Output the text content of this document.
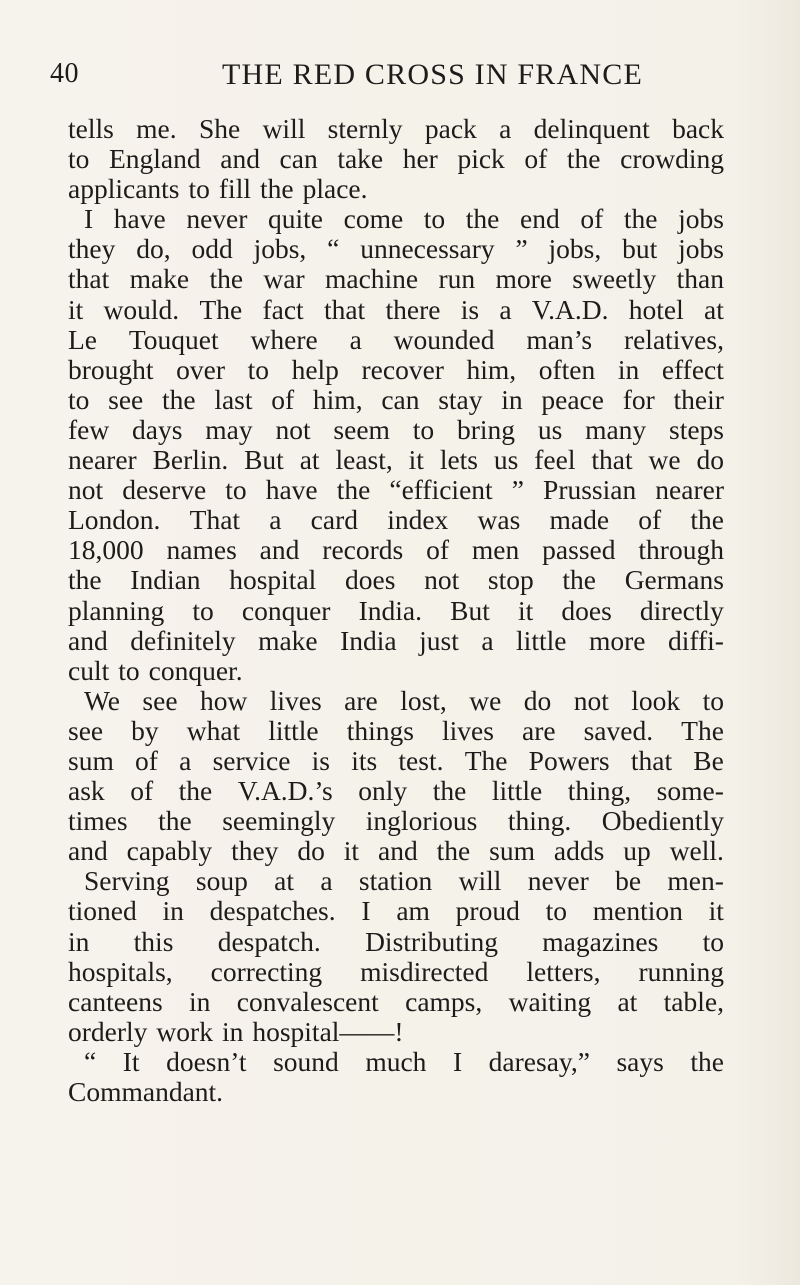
40	THE RED CROSS IN FRANCE
tells me. She will sternly pack a delinquent back
to England and can take her pick of the crowding
applicants to fill the place.
I have never quite come to the end of the jobs
they do, odd jobs, “ unnecessary ” jobs, but jobs
that make the war machine run more sweetly than
it would. The fact that there is a V.A.D. hotel at
Le Touquet where a wounded man’s relatives,
brought over to help recover him, often in effect
to see the last of him, can stay in peace for their
few days may not seem to bring us many steps
nearer Berlin. But at least, it lets us feel that we do
not deserve to have the “efficient ” Prussian nearer
London. That a card index was made of the
18,000 names and records of men passed through
the Indian hospital does not stop the Germans
planning to conquer India. But it does directly
and definitely make India just a little more diffi-
cult to conquer.
We see how lives are lost, we do not look to
see by what little things lives are saved. The
sum of a service is its test. The Powers that Be
ask of the V.A.D.’s only the little thing, some-
times the seemingly inglorious thing. Obediently
and capably they do it and the sum adds up well.
Serving soup at a station will never be men-
tioned in despatches. I am proud to mention it
in this despatch. Distributing magazines to
hospitals, correcting misdirected letters, running
canteens in convalescent camps, waiting at table,
orderly work in hospital——!
“ It doesn’t sound much I daresay,” says the
Commandant.
